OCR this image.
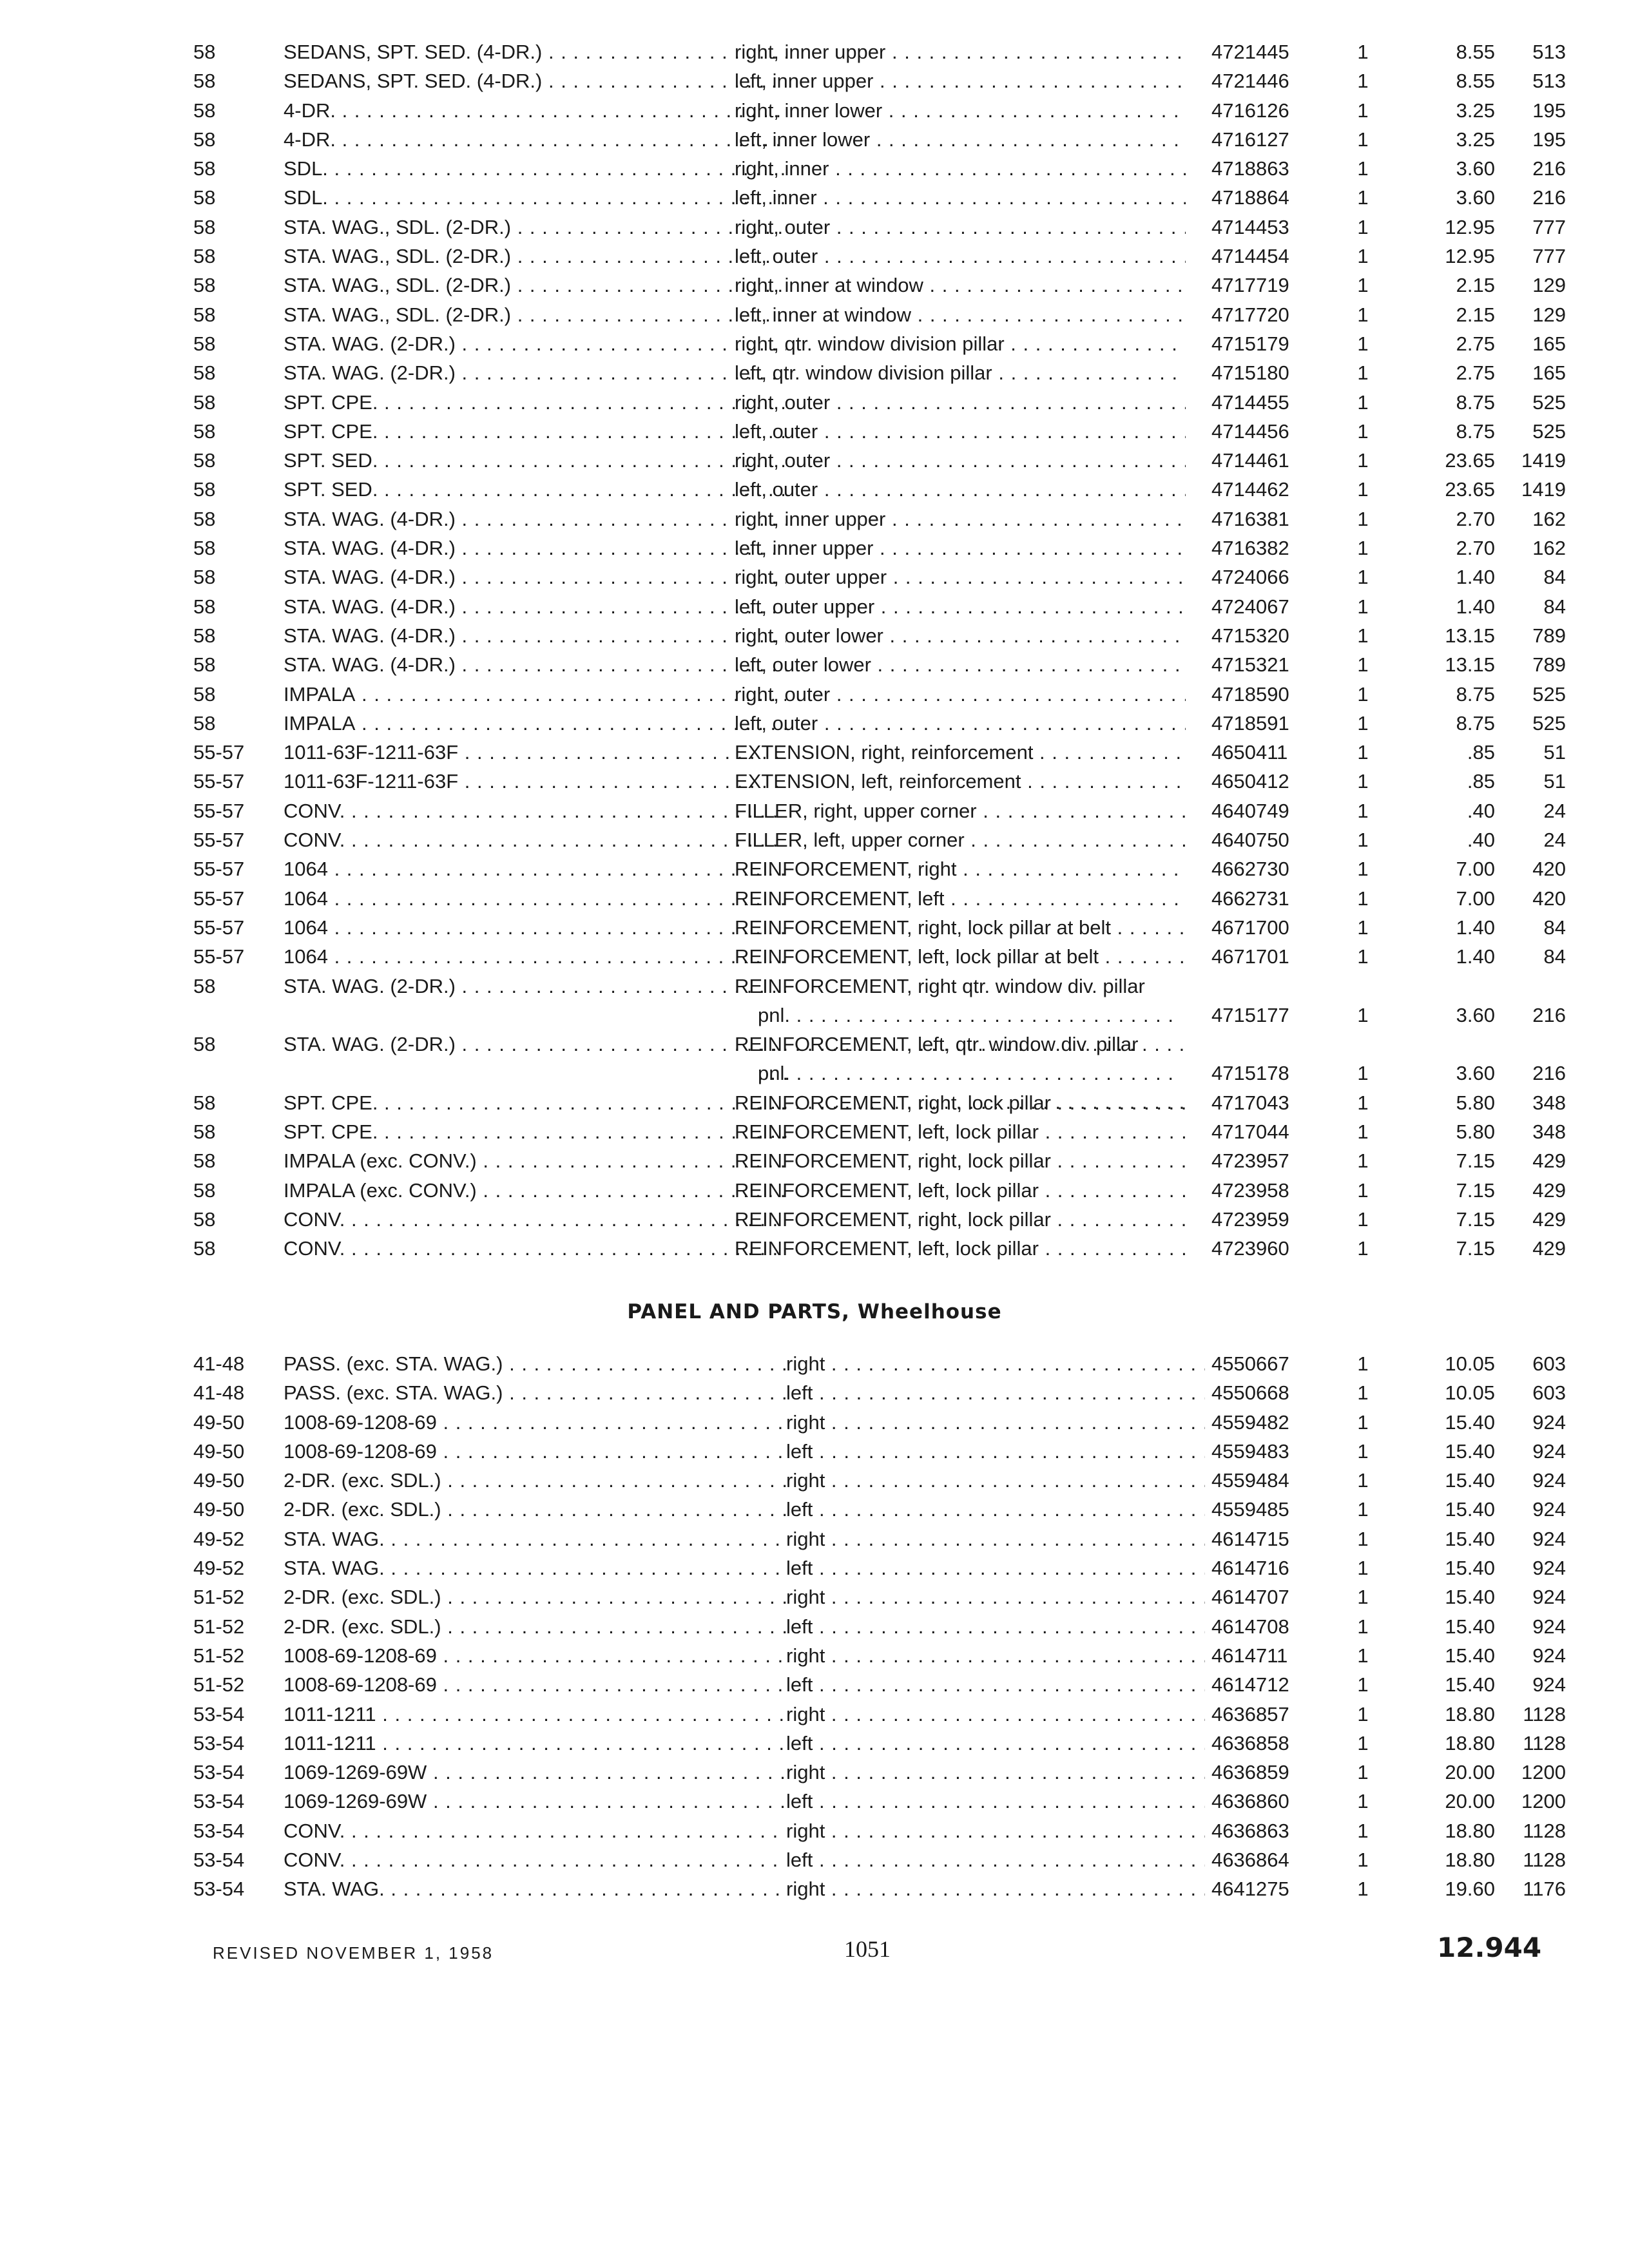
58	SEDANS, SPT. SED. (4-DR.) . . .	right, inner upper . . .	4721445	1	8.55	513
58	SEDANS, SPT. SED. (4-DR.) . . .	left, inner upper . . .	4721446	1	8.55	513
58	4-DR. . . .	right, inner lower . . .	4716126	1	3.25	195
58	4-DR. . . .	left, inner lower . . .	4716127	1	3.25	195
58	SDL. . . .	right, inner . . .	4718863	1	3.60	216
58	SDL. . . .	left, inner . . .	4718864	1	3.60	216
58	STA. WAG., SDL. (2-DR.) . . .	right, outer . . .	4714453	1	12.95	777
58	STA. WAG., SDL. (2-DR.) . . .	left, outer . . .	4714454	1	12.95	777
58	STA. WAG., SDL. (2-DR.) . . .	right, inner at window . . .	4717719	1	2.15	129
58	STA. WAG., SDL. (2-DR.) . . .	left, inner at window . . .	4717720	1	2.15	129
58	STA. WAG. (2-DR.) . . .	right, qtr. window division pillar . . .	4715179	1	2.75	165
58	STA. WAG. (2-DR.) . . .	left, qtr. window division pillar . . .	4715180	1	2.75	165
58	SPT. CPE. . . .	right, outer . . .	4714455	1	8.75	525
58	SPT. CPE. . . .	left, outer . . .	4714456	1	8.75	525
58	SPT. SED. . . .	right, outer . . .	4714461	1	23.65	1419
58	SPT. SED. . . .	left, outer . . .	4714462	1	23.65	1419
58	STA. WAG. (4-DR.) . . .	right, inner upper . . .	4716381	1	2.70	162
58	STA. WAG. (4-DR.) . . .	left, inner upper . . .	4716382	1	2.70	162
58	STA. WAG. (4-DR.) . . .	right, outer upper . . .	4724066	1	1.40	84
58	STA. WAG. (4-DR.) . . .	left, outer upper . . .	4724067	1	1.40	84
58	STA. WAG. (4-DR.) . . .	right, outer lower . . .	4715320	1	13.15	789
58	STA. WAG. (4-DR.) . . .	left, outer lower . . .	4715321	1	13.15	789
58	IMPALA . . .	right, outer . . .	4718590	1	8.75	525
58	IMPALA . . .	left, outer . . .	4718591	1	8.75	525
55-57	1011-63F-1211-63F . . .	EXTENSION, right, reinforcement . . .	4650411	1	.85	51
55-57	1011-63F-1211-63F . . .	EXTENSION, left, reinforcement . . .	4650412	1	.85	51
55-57	CONV. . . .	FILLER, right, upper corner . . .	4640749	1	.40	24
55-57	CONV. . . .	FILLER, left, upper corner . . .	4640750	1	.40	24
55-57	1064 . . .	REINFORCEMENT, right . . .	4662730	1	7.00	420
55-57	1064 . . .	REINFORCEMENT, left . . .	4662731	1	7.00	420
55-57	1064 . . .	REINFORCEMENT, right, lock pillar at belt . . .	4671700	1	1.40	84
55-57	1064 . . .	REINFORCEMENT, left, lock pillar at belt . . .	4671701	1	1.40	84
58	STA. WAG. (2-DR.) . . .	REINFORCEMENT, right qtr. window div. pillar
pnl. . . .	4715177	1	3.60	216
58	STA. WAG. (2-DR.) . . .	REINFORCEMENT, left, qtr. window div. pillar
pnl. . . .	4715178	1	3.60	216
58	SPT. CPE. . . .	REINFORCEMENT, right, lock pillar . . .	4717043	1	5.80	348
58	SPT. CPE. . . .	REINFORCEMENT, left, lock pillar . . .	4717044	1	5.80	348
58	IMPALA (exc. CONV.) . . .	REINFORCEMENT, right, lock pillar . . .	4723957	1	7.15	429
58	IMPALA (exc. CONV.) . . .	REINFORCEMENT, left, lock pillar . . .	4723958	1	7.15	429
58	CONV. . . .	REINFORCEMENT, right, lock pillar . . .	4723959	1	7.15	429
58	CONV. . . .	REINFORCEMENT, left, lock pillar . . .	4723960	1	7.15	429
PANEL AND PARTS, Wheelhouse
41-48	PASS. (exc. STA. WAG.) . . .	right . . .	4550667	1	10.05	603
41-48	PASS. (exc. STA. WAG.) . . .	left . . .	4550668	1	10.05	603
49-50	1008-69-1208-69 . . .	right . . .	4559482	1	15.40	924
49-50	1008-69-1208-69 . . .	left . . .	4559483	1	15.40	924
49-50	2-DR. (exc. SDL.) . . .	right . . .	4559484	1	15.40	924
49-50	2-DR. (exc. SDL.) . . .	left . . .	4559485	1	15.40	924
49-52	STA. WAG. . . .	right . . .	4614715	1	15.40	924
49-52	STA. WAG. . . .	left . . .	4614716	1	15.40	924
51-52	2-DR. (exc. SDL.) . . .	right . . .	4614707	1	15.40	924
51-52	2-DR. (exc. SDL.) . . .	left . . .	4614708	1	15.40	924
51-52	1008-69-1208-69 . . .	right . . .	4614711	1	15.40	924
51-52	1008-69-1208-69 . . .	left . . .	4614712	1	15.40	924
53-54	1011-1211 . . .	right . . .	4636857	1	18.80	1128
53-54	1011-1211 . . .	left . . .	4636858	1	18.80	1128
53-54	1069-1269-69W . . .	right . . .	4636859	1	20.00	1200
53-54	1069-1269-69W . . .	left . . .	4636860	1	20.00	1200
53-54	CONV. . . .	right . . .	4636863	1	18.80	1128
53-54	CONV. . . .	left . . .	4636864	1	18.80	1128
53-54	STA. WAG. . . .	right . . .	4641275	1	19.60	1176
REVISED NOVEMBER 1, 1958	1051	12.944
